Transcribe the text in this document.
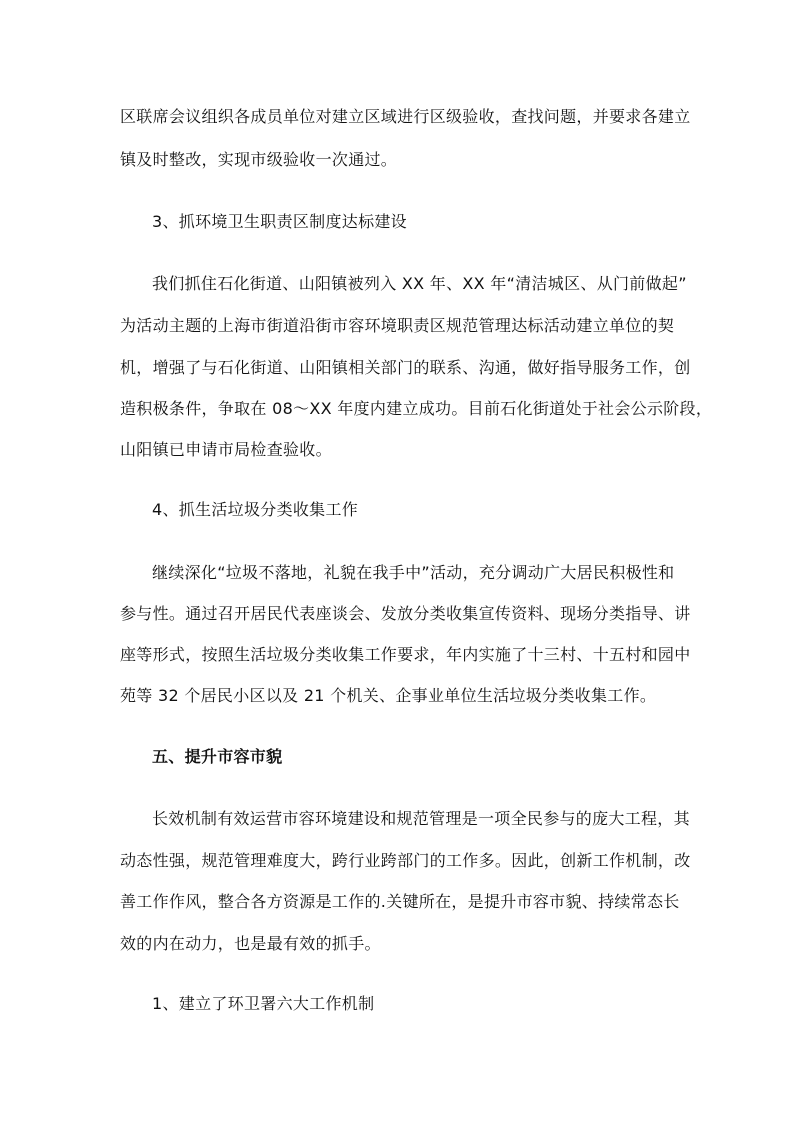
区联席会议组织各成员单位对建立区域进行区级验收，查找问题，并要求各建立
镇及时整改，实现市级验收一次通过。
3、抓环境卫生职责区制度达标建设
我们抓住石化街道、山阳镇被列入 XX 年、XX 年“清洁城区、从门前做起”
为活动主题的上海市街道沿街市容环境职责区规范管理达标活动建立单位的契
机，增强了与石化街道、山阳镇相关部门的联系、沟通，做好指导服务工作，创
造积极条件，争取在 08～XX 年度内建立成功。目前石化街道处于社会公示阶段，
山阳镇已申请市局检查验收。
4、抓生活垃圾分类收集工作
继续深化“垃圾不落地，礼貌在我手中”活动，充分调动广大居民积极性和
参与性。通过召开居民代表座谈会、发放分类收集宣传资料、现场分类指导、讲
座等形式，按照生活垃圾分类收集工作要求，年内实施了十三村、十五村和园中
苑等 32 个居民小区以及 21 个机关、企事业单位生活垃圾分类收集工作。
五、提升市容市貌
长效机制有效运营市容环境建设和规范管理是一项全民参与的庞大工程，其
动态性强，规范管理难度大，跨行业跨部门的工作多。因此，创新工作机制，改
善工作作风，整合各方资源是工作的.关键所在，是提升市容市貌、持续常态长
效的内在动力，也是最有效的抓手。
1、建立了环卫署六大工作机制
